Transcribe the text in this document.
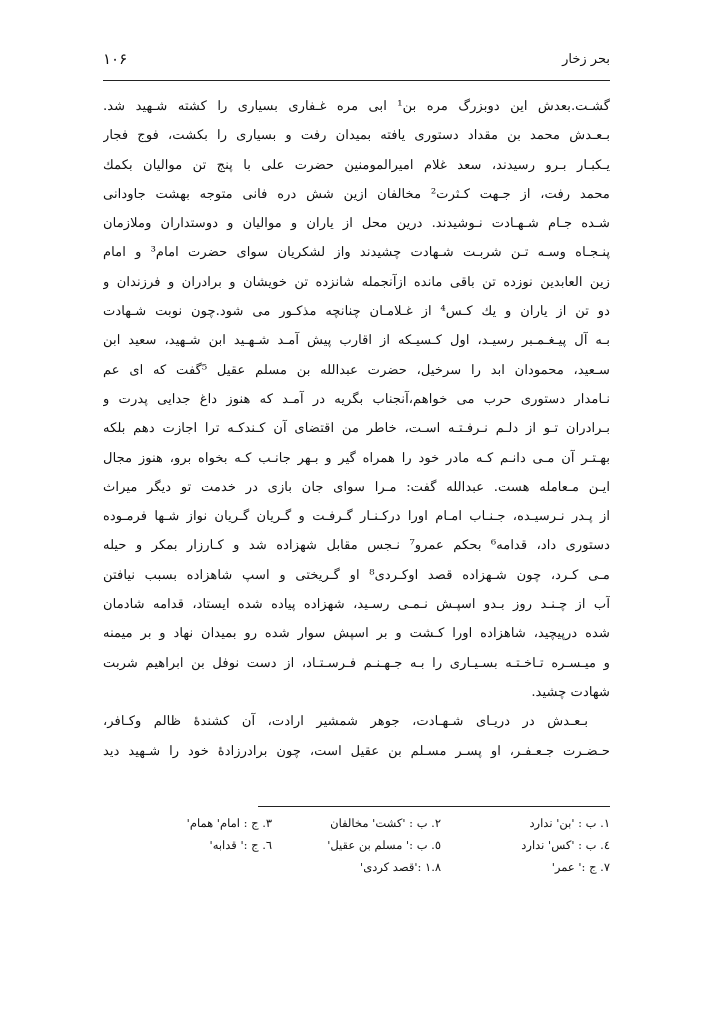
۱۰۶	بحر زخار
گشـت.بعدش این دوبزرگ مره بن¹ ابی مره غـفاری بسیاری را کشته شـهید شد.
بـعـدش محمد بن مقداد دستوری یافته بمیدان رفت و بسیاری را بکشت، فوج فجار
یـکبـار بـرو رسیدند، سعد غلام امیرالمومنین حضرت علی با پنج تن موالیان بکمك
محمد رفت، از جـهت کـثرت² مخالفان ازین شش دره فانی متوجه بهشت جاودانی
شـده جـام شـهـادت نـوشیدند. درین محل از یاران و موالیان و دوستداران وملازمان
پنـجـاه وسـه تـن شربـت شـهادت چشیدند واز لشکریان سوای حضرت امام³ و امام
زین العابدین نوزده تن باقی مانده ازآنجمله شانزده تن خویشان و برادران و فرزندان و
دو تن از یاران و یك کـس⁴ از غـلامـان چنانچه مذکـور می شود.چون نوبت شـهادت
بـه آل پیـغـمـبر رسیـد، اول کـسیـکه از اقارب پیش آمـد شـهـید ابن شـهید، سعید ابن
سـعید، محمودان ابد را سرخیل، حضرت عبدالله بن مسلم عقیل ⁵گفت که ای عم
نـامدار دستوری حرب می خواهم،آنجناب بگریه در آمـد که هنوز داغ جدایی پدرت و
بـرادران تـو از دلـم نـرفـتـه اسـت، خاطر من اقتضای آن کـندکـه ترا اجازت دهم بلکه
بهـتـر آن مـی دانـم کـه مادر خود را همراه گیر و بـهر جانـب کـه بخواه برو، هنوز مجال
ایـن مـعامله هست. عبدالله گفت: مـرا سوای جان بازی در خدمت تو دیگر میراث
از پـدر نـرسیـده، جـنـاب امـام اورا درکـنـار گـرفـت و گـریان گـریان نواز شـها فرمـوده
دستوری داد، قدامه⁶ بحکم عمرو⁷ نـجس مقابل شهزاده شد و کـارزار بمکر و حیله
مـی کـرد، چون شـهزاده قصد اوکـردی⁸ او گـریختی و اسپ شاهزاده بسبب نیافتن
آب از چـنـد روز بـدو اسپـش نـمـی رسـید، شهزاده پیاده شده ایستاد، قدامه شادمان
شده درپیچید، شاهزاده اورا کـشت و بر اسپش سوار شده رو بمیدان نهاد و بر میمنه
و میـسـره تـاخـتـه بسـیـاری را بـه جـهـنـم فـرسـتـاد، از دست نوفل بن ابراهیم شربت
شهادت چشید.
بـعـدش در دریـای شـهـادت، جوهر شمشیر ارادت، آن کشندۀ ظالم وکـافر،
حـضـرت جـعـفـر، او پسـر مسـلم بن عقیل است، چون برادرزادۀ خود را شـهید دید
۱. ب : 'بن' ندارد
۲. ب : 'کشت' مخالفان
۳. ج : امام' همام'
٤. ب : 'کس' ندارد
٥. ب :' مسلم بن عقیل'
٦. ج :' قدابه'
۷. ج :' عمر'
۱.۸ :'قصد کردی'
